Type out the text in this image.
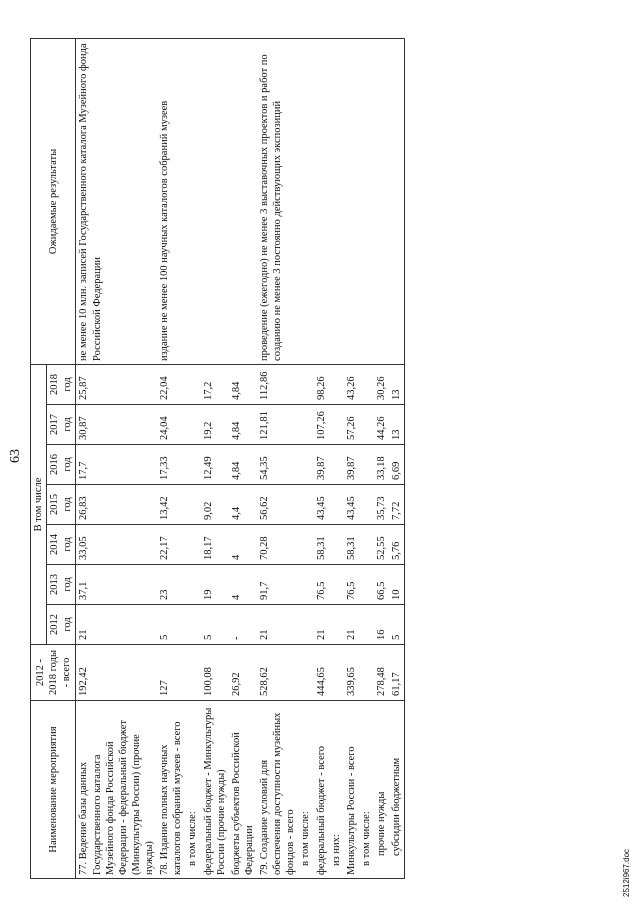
63
Наименование мероприятия	2012 - 2018 годы - всего	В том числе							Ожидаемые результаты
		2012 год	2013 год	2014 год	2015 год	2016 год	2017 год	2018 год	
77. Ведение базы данных Государственного каталога Музейного фонда Российской Федерации - федеральный бюджет (Минкультуры России) (прочие нужды)	192,42	21	37,1	33,05	26,83	17,7	30,87	25,87	не менее 10 млн. записей Государственного каталога Музейного фонда Российской Федерации
78. Издание полных научных каталогов собраний музеев - всего	127	5	23	22,17	13,42	17,33	24,04	22,04	издание не менее 100 научных каталогов собраний музеев
в том числе:									
федеральный бюджет - Минкультуры России (прочие нужды)	100,08	5	19	18,17	9,02	12,49	19,2	17,2	
бюджеты субъектов Российской Федерации	26,92	-	4	4	4,4	4,84	4,84	4,84	
79. Создание условий для обеспечения доступности музейных фондов - всего	528,62	21	91,7	70,28	56,62	54,35	121,81	112,86	проведение (ежегодно) не менее 3 выставочных проектов и работ по созданию не менее 3 постоянно действующих экспозиций
в том числе:									
федеральный бюджет - всего	444,65	21	76,5	58,31	43,45	39,87	107,26	98,26	
из них:									
Минкультуры России - всего	339,65	21	76,5	58,31	43,45	39,87	57,26	43,26	
в том числе:									
прочие нужды	278,48	16	66,5	52,55	35,73	33,18	44,26	30,26	
субсидии бюджетным	61,17	5	10	5,76	7,72	6,69	13	13	
2512і967.doc
